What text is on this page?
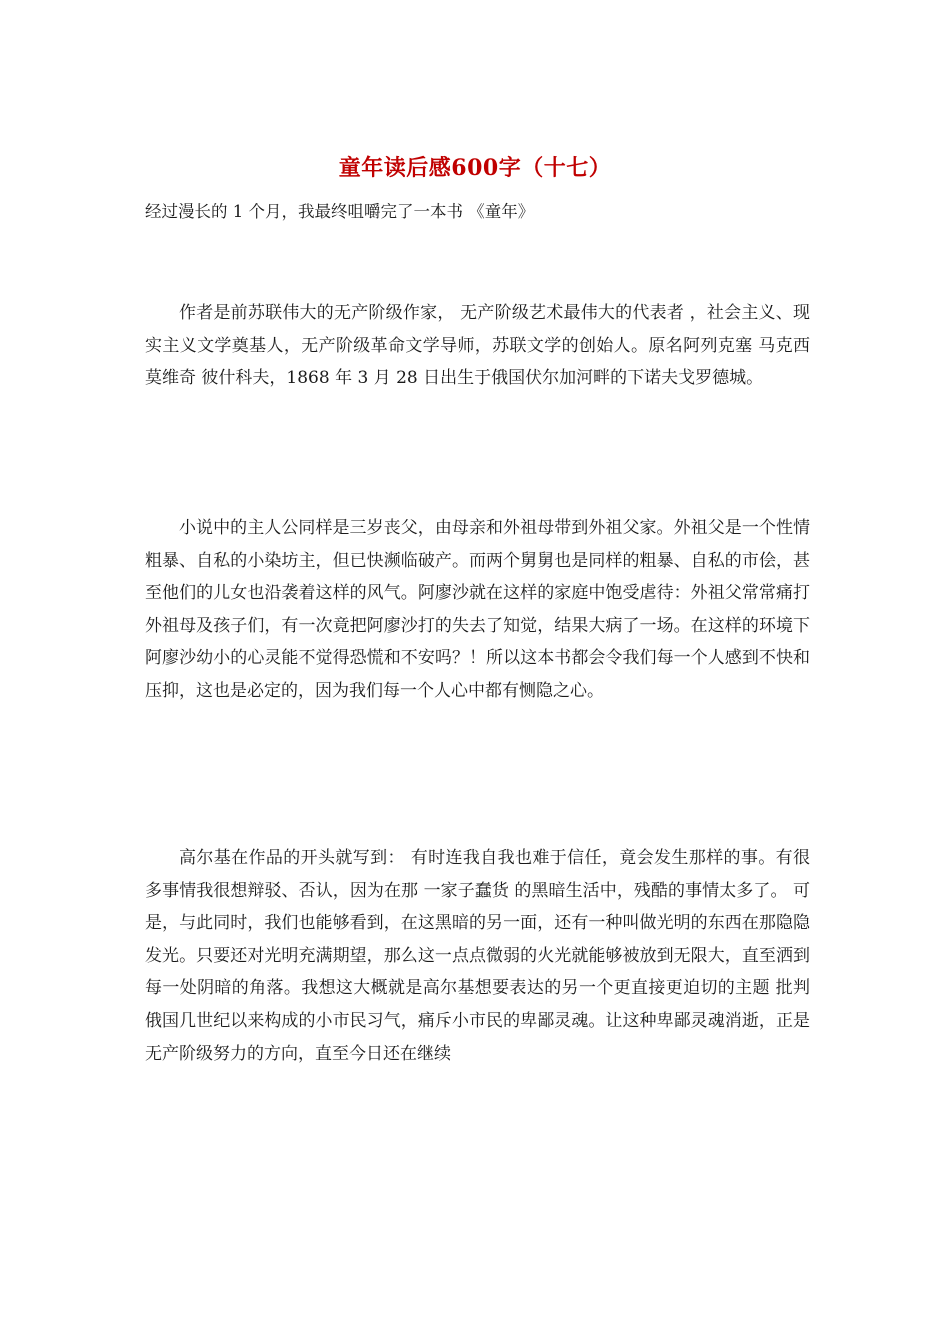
童年读后感600字（十七）
经过漫长的 1 个月，我最终咀嚼完了一本书 《童年》

作者是前苏联伟大的无产阶级作家， 无产阶级艺术最伟大的代表者 ，社会主义、现实主义文学奠基人，无产阶级革命文学导师，苏联文学的创始人。原名阿列克塞 马克西莫维奇 彼什科夫，1868 年 3 月 28 日出生于俄国伏尔加河畔的下诺夫戈罗德城。

小说中的主人公同样是三岁丧父，由母亲和外祖母带到外祖父家。外祖父是一个性情粗暴、自私的小染坊主，但已快濒临破产。而两个舅舅也是同样的粗暴、自私的市侩，甚至他们的儿女也沿袭着这样的风气。阿廖沙就在这样的家庭中饱受虐待：外祖父常常痛打外祖母及孩子们，有一次竟把阿廖沙打的失去了知觉，结果大病了一场。在这样的环境下阿廖沙幼小的心灵能不觉得恐慌和不安吗？！所以这本书都会令我们每一个人感到不快和压抑，这也是必定的，因为我们每一个人心中都有恻隐之心。

高尔基在作品的开头就写到： 有时连我自我也难于信任，竟会发生那样的事。有很多事情我很想辩驳、否认，因为在那 一家子蠢货 的黑暗生活中，残酷的事情太多了。 可是，与此同时，我们也能够看到，在这黑暗的另一面，还有一种叫做光明的东西在那隐隐发光。只要还对光明充满期望，那么这一点点微弱的火光就能够被放到无限大，直至洒到每一处阴暗的角落。我想这大概就是高尔基想要表达的另一个更直接更迫切的主题 批判俄国几世纪以来构成的小市民习气，痛斥小市民的卑鄙灵魂。让这种卑鄙灵魂消逝，正是无产阶级努力的方向，直至今日还在继续
